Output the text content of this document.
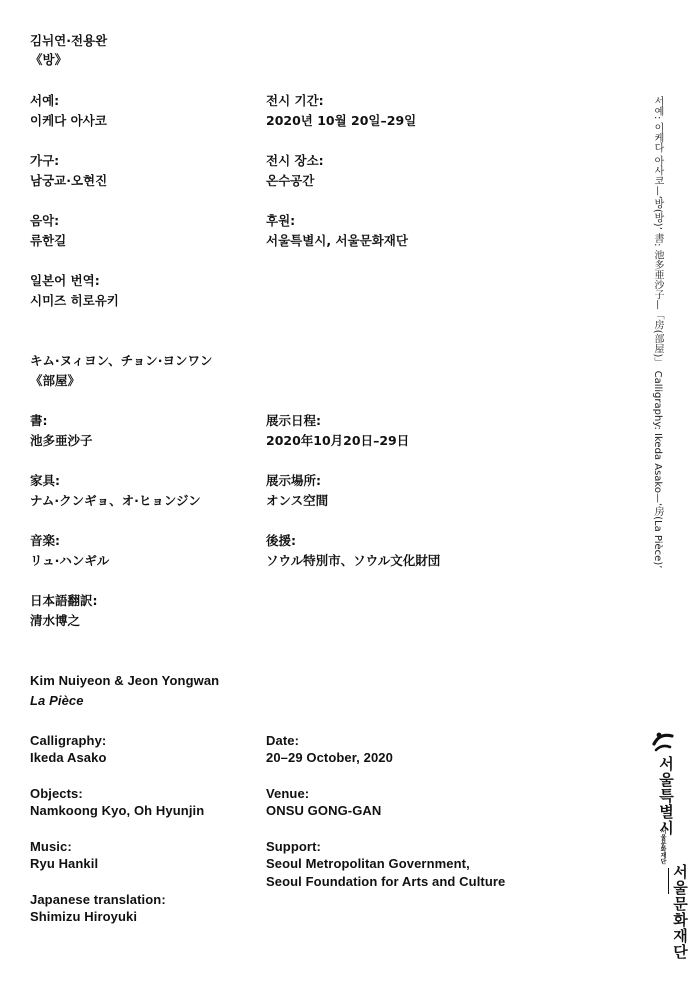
김뉘연·전용완

《방》

서예:

이케다 아사코

가구:

남궁교·오현진

음악:

류한길

일본어 번역:

시미즈 히로유키

전시 기간:

2020년 10월 20일–29일

전시 장소:

온수공간

후원:

서울특별시, 서울문화재단

キム·ヌィヨン、チョン·ヨンワン

《部屋》

書:

池多亜沙子

家具:

ナム·クンギョ、オ·ヒョンジン

音楽:

リュ·ハンギル

日本語翻訳:

清水博之

展示日程:

2020年10月20日–29日

展示場所:

オンス空間

後援:

ソウル特別市、ソウル文化財団

Kim Nuiyeon & Jeon Yongwan

La Pièce

Calligraphy:

Ikeda Asako

Objects:

Namkoong Kyo, Oh Hyunjin

Music:

Ryu Hankil

Japanese translation:

Shimizu Hiroyuki

Date:

20–29 October, 2020

Venue:

ONSU GONG-GAN

Support:

Seoul Metropolitan Government,

Seoul Foundation for Arts and Culture

서예: 이케다 아사코—‘방(방)’ 書: 池多亜沙子—「房(部屋)」 Calligraphy: Ikeda Asako—‘房(La Pièce)’
서울특별시
서울문화재단
서울문화재단
